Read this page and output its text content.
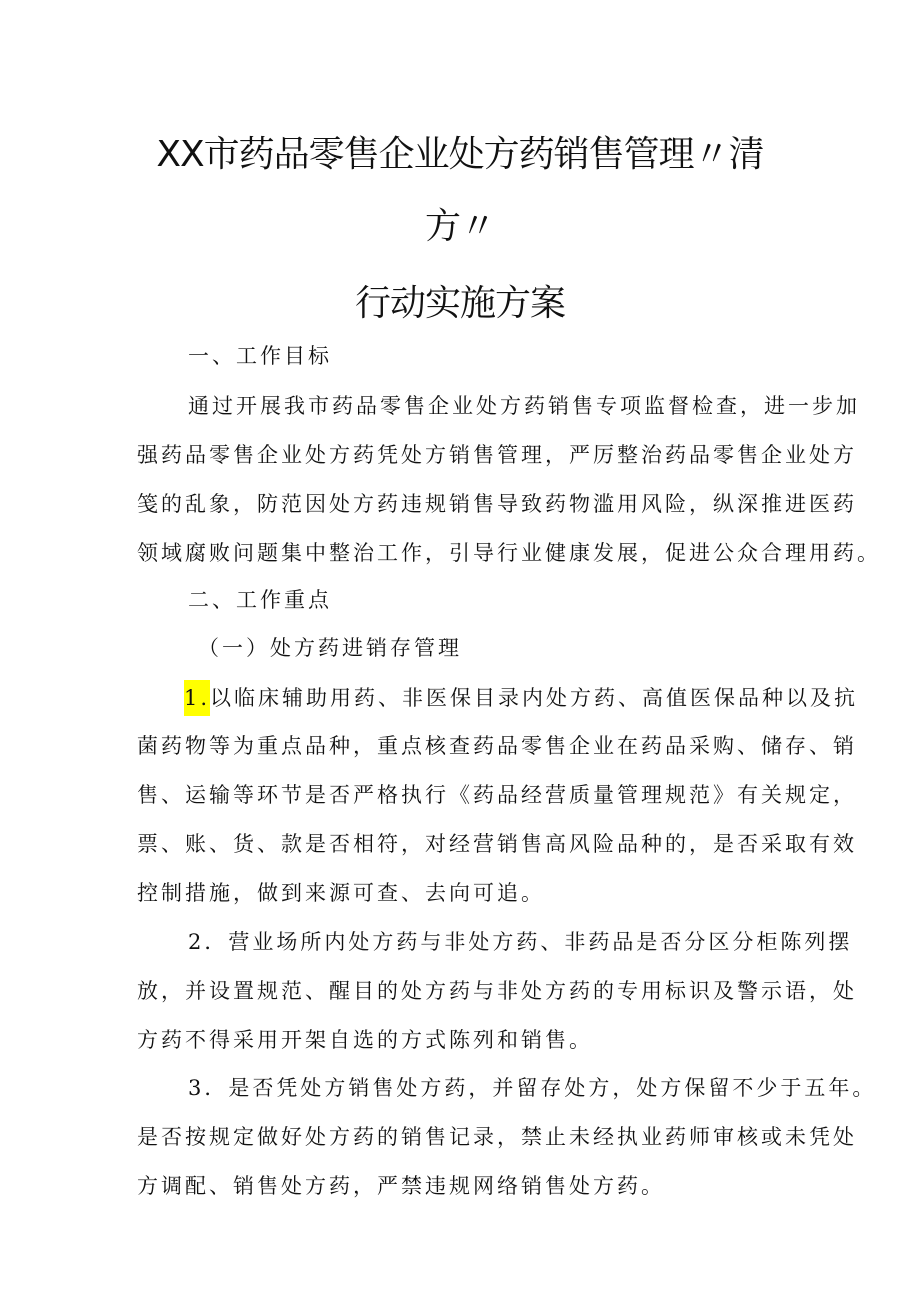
XX市药品零售企业处方药销售管理〃清
方〃
行动实施方案
一、工作目标
通过开展我市药品零售企业处方药销售专项监督检查，进一步加
强药品零售企业处方药凭处方销售管理，严厉整治药品零售企业处方
笺的乱象，防范因处方药违规销售导致药物滥用风险，纵深推进医药
领域腐败问题集中整治工作，引导行业健康发展，促进公众合理用药。
二、工作重点
（一）处方药进销存管理
1.以临床辅助用药、非医保目录内处方药、高值医保品种以及抗
菌药物等为重点品种，重点核查药品零售企业在药品采购、储存、销
售、运输等环节是否严格执行《药品经营质量管理规范》有关规定，
票、账、货、款是否相符，对经营销售高风险品种的，是否采取有效
控制措施，做到来源可查、去向可追。
2．营业场所内处方药与非处方药、非药品是否分区分柜陈列摆
放，并设置规范、醒目的处方药与非处方药的专用标识及警示语，处
方药不得采用开架自选的方式陈列和销售。
3．是否凭处方销售处方药，并留存处方，处方保留不少于五年。
是否按规定做好处方药的销售记录，禁止未经执业药师审核或未凭处
方调配、销售处方药，严禁违规网络销售处方药。
